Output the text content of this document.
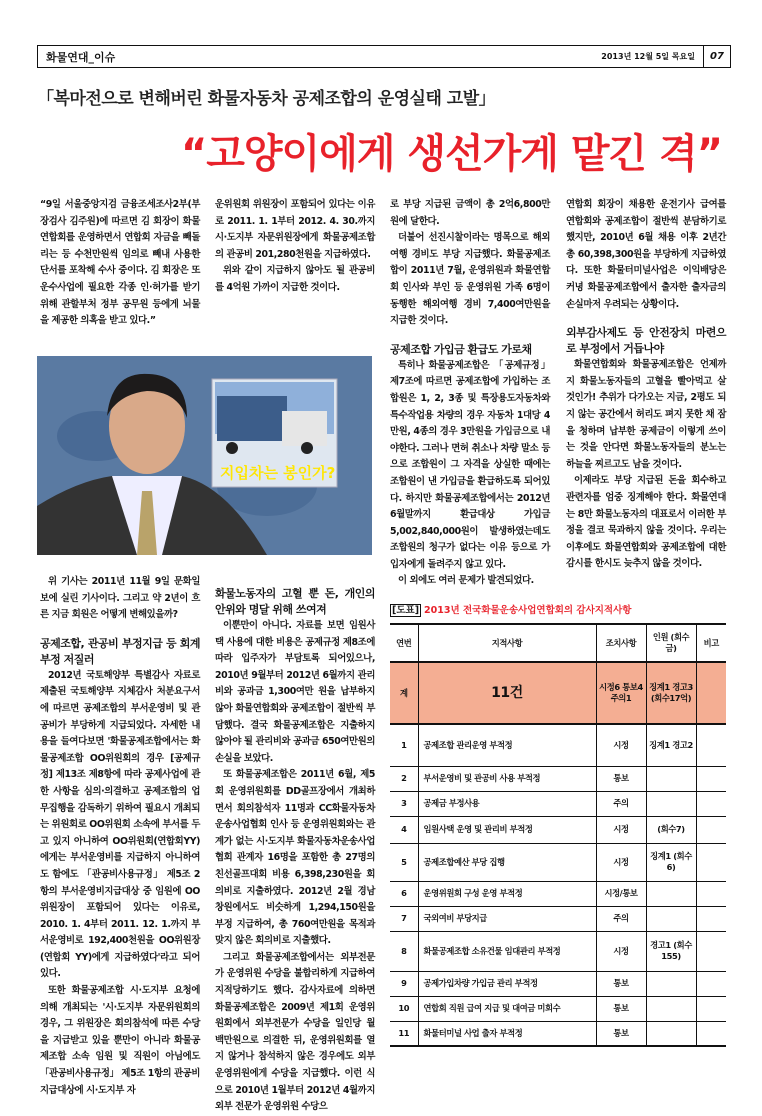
화물연대_이슈	2013년 12월 5일 목요일	07
「복마전으로 변해버린 화물자동차 공제조합의 운영실태 고발」
“고양이에게 생선가게 맡긴 격”

“9일 서울중앙지검 금융조세조사2부(부장검사 김주원)에 따르면 김 회장이 화물연합회를 운영하면서 연합회 자금을 빼돌리는 등 수천만원씩 임의로 빼내 사용한 단서를 포착해 수사 중이다. 김 회장은 또 운수사업에 필요한 각종 인·허가를 받기 위해 관할부처 정부 공무원 등에게 뇌물을 제공한 의혹을 받고 있다.”

운위원회 위원장이 포함되어 있다는 이유로 2011. 1. 1부터 2012. 4. 30.까지 시·도지부 자문위원장에게 화물공제조합의 관공비 201,280천원을 지급하였다.

위와 같이 지급하지 않아도 될 관공비를 4억원 가까이 지급한 것이다.

로 부당 지급된 금액이 총 2억6,800만원에 달한다.

더불어 선진시찰이라는 명목으로 해외여행 경비도 부당 지급했다. 화물공제조합이 2011년 7월, 운영위원과 화물연합회 인사와 부인 등 운영위원 가족 6명이 동행한 해외여행 경비 7,400여만원을 지급한 것이다.

공제조합 가입금 환급도 가로채

특히나 화물공제조합은 「공제규정」 제7조에 따르면 공제조합에 가입하는 조합원은 1, 2, 3종 및 특장용도자동차와 특수작업용 차량의 경우 자동차 1대당 4만원, 4종의 경우 3만원을 가입금으로 내야한다. 그러나 면허 취소나 차량 말소 등으로 조합원이 그 자격을 상실한 때에는 조합원이 낸 가입금을 환급하도록 되어있다. 하지만 화물공제조합에서는 2012년 6월말까지 환급대상 가입금 5,002,840,000원이 발생하였는데도 조합원의 청구가 없다는 이유 등으로 가입자에게 돌려주지 않고 있다.

이 외에도 여러 문제가 발견되었다.

연합회 회장이 채용한 운전기사 급여를 연합회와 공제조합이 절반씩 분담하기로 했지만, 2010년 6월 채용 이후 2년간 총 60,398,300원을 부당하게 지급하였다. 또한 화물터미널사업은 이익배당은 커녕 화물공제조합에서 출자한 출자금의 손실마저 우려되는 상황이다.

외부감사제도 등 안전장치 마련으로 부정에서 거듭나야

화물연합회와 화물공제조합은 언제까지 화물노동자들의 고혈을 빨아먹고 살 것인가! 추위가 다가오는 지금, 2평도 되지 않는 공간에서 허리도 펴지 못한 채 잠을 청하며 납부한 공제금이 이렇게 쓰이는 것을 안다면 화물노동자들의 분노는 하늘을 찌르고도 남을 것이다.

이제라도 부당 지급된 돈을 회수하고 관련자를 엄중 징계해야 한다. 화물연대는 8만 화물노동자의 대표로서 이러한 부정을 결코 묵과하지 않을 것이다. 우리는 이후에도 화물연합회와 공제조합에 대한 감시를 한시도 늦추지 않을 것이다.

지입차는 봉인가?

위 기사는 2011년 11월 9일 문화일보에 실린 기사이다. 그리고 약 2년이 흐른 지금 회원은 어떻게 변해있을까?

공제조합, 관공비 부정지급 등 회계부정 저질러

2012년 국토해양부 특별감사 자료로 제출된 국토해양부 지체감사 처분요구서에 따르면 공제조합의 부서운영비 및 관공비가 부당하게 지급되었다. 자세한 내용을 들여다보면 '화물공제조합에서는 화물공제조합 OO위원회의 경우 [공제규정] 제13조 제8항에 따라 공제사업에 관한 사항을 심의·의결하고 공제조합의 업무집행을 감독하기 위하여 필요시 개최되는 위원회로 OO위원회 소속에 부서를 두고 있지 아니하여 OO위원회(연합회YY)에게는 부서운영비를 지급하지 아니하여도 함에도 「관공비사용규정」 제5조 2항의 부서운영비지급대상 중 임원에 OO위원장이 포함되어 있다는 이유로, 2010. 1. 4부터 2011. 12. 1.까지 부서운영비로 192,400천원을 OO위원장(연합회 YY)에게 지급하였다'라고 되어있다.

또한 화물공제조합 시·도지부 요청에 의해 개최되는 '시·도지부 자문위원회의 경우, 그 위원장은 회의참석에 따른 수당을 지급받고 있을 뿐만이 아니라 화물공제조합 소속 임원 및 직원이 아님에도 「관공비사용규정」 제5조 1항의 관공비 지급대상에 시·도지부 자

화물노동자의 고혈 뿐 돈, 개인의 안위와 명달 위해 쓰여져

이뿐만이 아니다. 자료를 보면 임원사택 사용에 대한 비용은 공제규정 제8조에 따라 입주자가 부담토록 되어있으나, 2010년 9월부터 2012년 6월까지 관리비와 공과금 1,300여만 원을 납부하지 않아 화물연합회와 공제조합이 절반씩 부담했다. 결국 화물공제조합은 지출하지 않아야 될 관리비와 공과금 650여만원의 손실을 보았다.

또 화물공제조합은 2011년 6월, 제5회 운영위원회를 DD골프장에서 개최하면서 회의참석자 11명과 CC화물자동차운송사업협회 인사 등 운영위원회와는 관계가 없는 시·도지부 화물자동차운송사업협회 관계자 16명을 포함한 총 27명의 친선골프대회 비용 6,398,230원을 회의비로 지출하였다. 2012년 2월 경남 창원에서도 비슷하게 1,294,150원을 부정 지급하여, 총 760여만원을 목적과 맞지 않은 회의비로 지출했다.

그리고 화물공제조합에서는 외부전문가 운영위원 수당을 불합리하게 지급하여 지적당하기도 했다. 감사자료에 의하면 화물공제조합은 2009년 제1회 운영위원회에서 외부전문가 수당을 일인당 월 백만원으로 의결한 뒤, 운영위원회를 열지 않거나 참석하지 않은 경우에도 외부 운영위원에게 수당을 지급했다. 이런 식으로 2010년 1월부터 2012년 4월까지 외부 전문가 운영위원 수당으

[도표] 2013년 전국화물운송사업연합회의 감사지적사항
연번	지적사항	조치사항	인원 (회수금)	비고
계	11건	시정6 통보4 주의1	징계1 경고3 (회수17억)	
1	공제조합 관리운영 부적정	시정	징계1 경고2	
2	부서운영비 및 관공비 사용 부적정	통보		
3	공제금 부정사용	주의		
4	임원사택 운영 및 관리비 부적정	시정	(회수7)	
5	공제조합예산 부당 집행	시정	징계1 (회수6)	
6	운영위원회 구성 운영 부적정	시정/통보		
7	국외여비 부당지급	주의		
8	화물공제조합 소유건물 임대관리 부적정	시정	경고1 (회수155)	
9	공제가입차량 가입금 관리 부적정	통보		
10	연합회 직원 급여 지급 및 대여금 미회수	통보		
11	화물터미널 사업 출자 부적정	통보		
